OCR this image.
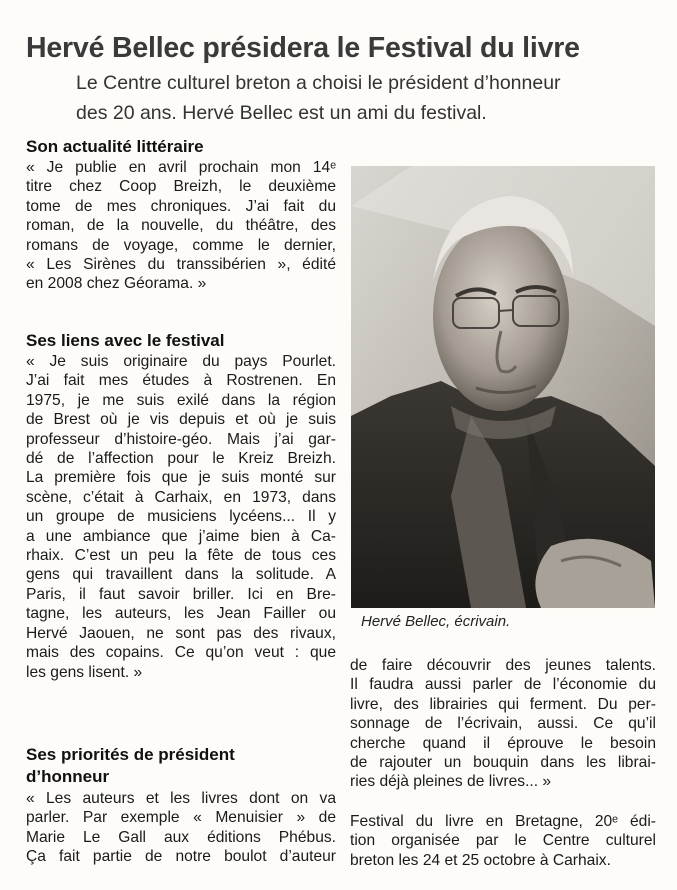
Hervé Bellec présidera le Festival du livre
Le Centre culturel breton a choisi le président d’honneur
des 20 ans. Hervé Bellec est un ami du festival.
Son actualité littéraire
« Je publie en avril prochain mon 14ᵉ
titre chez Coop Breizh, le deuxième
tome de mes chroniques. J’ai fait du
roman, de la nouvelle, du théâtre, des
romans de voyage, comme le dernier,
« Les Sirènes du transsibérien », édité
en 2008 chez Géorama. »
Ses liens avec le festival
« Je suis originaire du pays Pourlet.
J’ai fait mes études à Rostrenen. En
1975, je me suis exilé dans la région
de Brest où je vis depuis et où je suis
professeur d’histoire-géo. Mais j’ai gar-
dé de l’affection pour le Kreiz Breizh.
La première fois que je suis monté sur
scène, c’était à Carhaix, en 1973, dans
un groupe de musiciens lycéens... Il y
a une ambiance que j’aime bien à Ca-
rhaix. C’est un peu la fête de tous ces
gens qui travaillent dans la solitude. A
Paris, il faut savoir briller. Ici en Bre-
tagne, les auteurs, les Jean Failler ou
Hervé Jaouen, ne sont pas des rivaux,
mais des copains. Ce qu’on veut : que
les gens lisent. »
Ses priorités de président
d’honneur
« Les auteurs et les livres dont on va
parler. Par exemple « Menuisier » de
Marie Le Gall aux éditions Phébus.
Ça fait partie de notre boulot d’auteur
de faire découvrir des jeunes talents.
Il faudra aussi parler de l’économie du
livre, des librairies qui ferment. Du per-
sonnage de l’écrivain, aussi. Ce qu’il
cherche quand il éprouve le besoin
de rajouter un bouquin dans les librai-
ries déjà pleines de livres... »
Festival du livre en Bretagne, 20ᵉ édi-
tion organisée par le Centre culturel
breton les 24 et 25 octobre à Carhaix.

Hervé Bellec, écrivain.
